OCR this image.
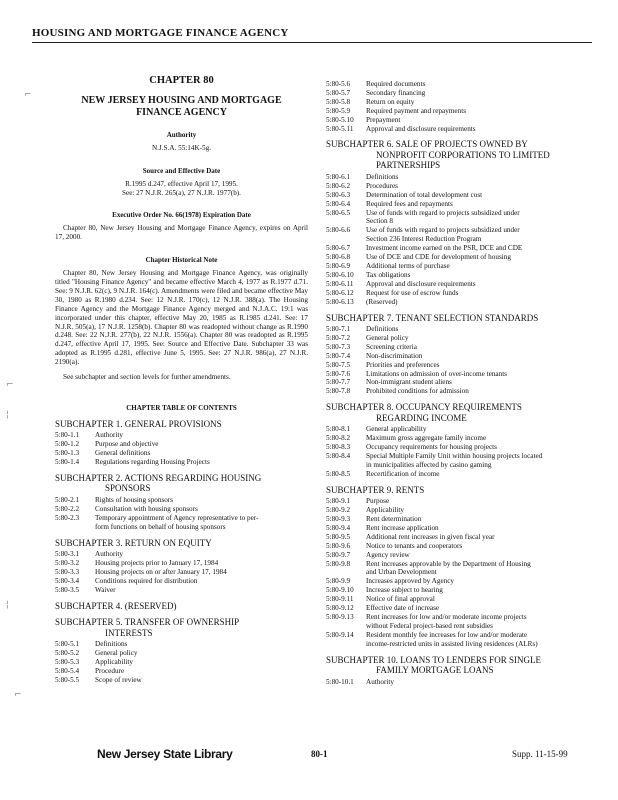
HOUSING AND MORTGAGE FINANCE AGENCY
CHAPTER 80
NEW JERSEY HOUSING AND MORTGAGE
FINANCE AGENCY
Authority

N.J.S.A. 55:14K-5g.

Source and Effective Date

R.1995 d.247, effective April 17, 1995.

See: 27 N.J.R. 265(a), 27 N.J.R. 1977(b).

Executive Order No. 66(1978) Expiration Date

Chapter 80, New Jersey Housing and Mortgage Finance Agency, expires on April 17, 2000.

Chapter Historical Note

Chapter 80, New Jersey Housing and Mortgage Finance Agency, was originally titled "Housing Finance Agency" and became effective March 4, 1977 as R.1977 d.71. See: 9 N.J.R. 62(c), 9 N.J.R. 164(c). Amendments were filed and became effective May 30, 1980 as R.1980 d.234. See: 12 N.J.R. 170(c), 12 N.J.R. 388(a). The Housing Finance Agency and the Mortgage Finance Agency merged and N.J.A.C. 19:1 was incorporated under this chapter, effective May 20, 1985 as R.1985 d.241. See: 17 N.J.R. 505(a), 17 N.J.R. 1258(b). Chapter 80 was readopted without change as R.1990 d.248. See: 22 N.J.R. 277(b), 22 N.J.R. 1556(a). Chapter 80 was readopted as R.1995 d.247, effective April 17, 1995. See: Source and Effective Date. Subchapter 33 was adopted as R.1995 d.281, effective June 5, 1995. See: 27 N.J.R. 986(a), 27 N.J.R. 2190(a).

See subchapter and section levels for further amendments.

CHAPTER TABLE OF CONTENTS
SUBCHAPTER 1. GENERAL PROVISIONS
5:80-1.1	Authority
5:80-1.2	Purpose and objective
5:80-1.3	General definitions
5:80-1.4	Regulations regarding Housing Projects
SUBCHAPTER 2. ACTIONS REGARDING HOUSING
SPONSORS
5:80-2.1	Rights of housing sponsors
5:80-2.2	Consultation with housing sponsors
5:80-2.3	Temporary appointment of Agency representative to per-
form functions on behalf of housing sponsors
SUBCHAPTER 3. RETURN ON EQUITY
5:80-3.1	Authority
5:80-3.2	Housing projects prior to January 17, 1984
5:80-3.3	Housing projects on or after January 17, 1984
5:80-3.4	Conditions required for distribution
5:80-3.5	Waiver
SUBCHAPTER 4. (RESERVED)
SUBCHAPTER 5. TRANSFER OF OWNERSHIP
INTERESTS
5:80-5.1	Definitions
5:80-5.2	General policy
5:80-5.3	Applicability
5:80-5.4	Procedure
5:80-5.5	Scope of review
5:80-5.6	Required documents
5:80-5.7	Secondary financing
5:80-5.8	Return on equity
5:80-5.9	Required payment and repayments
5:80-5.10	Prepayment
5:80-5.11	Approval and disclosure requirements
SUBCHAPTER 6. SALE OF PROJECTS OWNED BY
NONPROFIT CORPORATIONS TO LIMITED
PARTNERSHIPS
5:80-6.1	Definitions
5:80-6.2	Procedures
5:80-6.3	Determination of total development cost
5:80-6.4	Required fees and repayments
5:80-6.5	Use of funds with regard to projects subsidized under
Section 8
5:80-6.6	Use of funds with regard to projects subsidized under
Section 236 Interest Reduction Program
5:80-6.7	Investment income earned on the PSR, DCE and CDE
5:80-6.8	Use of DCE and CDE for development of housing
5:80-6.9	Additional terms of purchase
5:80-6.10	Tax obligations
5:80-6.11	Approval and disclosure requirements
5:80-6.12	Request for use of escrow funds
5:80-6.13	(Reserved)
SUBCHAPTER 7. TENANT SELECTION STANDARDS
5:80-7.1	Definitions
5:80-7.2	General policy
5:80-7.3	Screening criteria
5:80-7.4	Non-discrimination
5:80-7.5	Priorities and preferences
5:80-7.6	Limitations on admission of over-income tenants
5:80-7.7	Non-immigrant student aliens
5:80-7.8	Prohibited conditions for admission
SUBCHAPTER 8. OCCUPANCY REQUIREMENTS
REGARDING INCOME
5:80-8.1	General applicability
5:80-8.2	Maximum gross aggregate family income
5:80-8.3	Occupancy requirements for housing projects
5:80-8.4	Special Multiple Family Unit within housing projects located
in municipalities affected by casino gaming
5:80-8.5	Recertification of income
SUBCHAPTER 9. RENTS
5:80-9.1	Purpose
5:80-9.2	Applicability
5:80-9.3	Rent determination
5:80-9.4	Rent increase application
5:80-9.5	Additional rent increases in given fiscal year
5:80-9.6	Notice to tenants and cooperators
5:80-9.7	Agency review
5:80-9.8	Rent increases approvable by the Department of Housing
and Urban Development
5:80-9.9	Increases approved by Agency
5:80-9.10	Increase subject to hearing
5:80-9.11	Notice of final approval
5:80-9.12	Effective date of increase
5:80-9.13	Rent increases for low and/or moderate income projects
without Federal project-based rent subsidies
5:80-9.14	Resident monthly fee increases for low and/or moderate
income-restricted units in assisted living residences (ALRs)
SUBCHAPTER 10. LOANS TO LENDERS FOR SINGLE
FAMILY MORTGAGE LOANS
5:80-10.1	Authority
New Jersey State Library	80-1	Supp. 11-15-99
⌐
⌐
¦
¦
⌐
